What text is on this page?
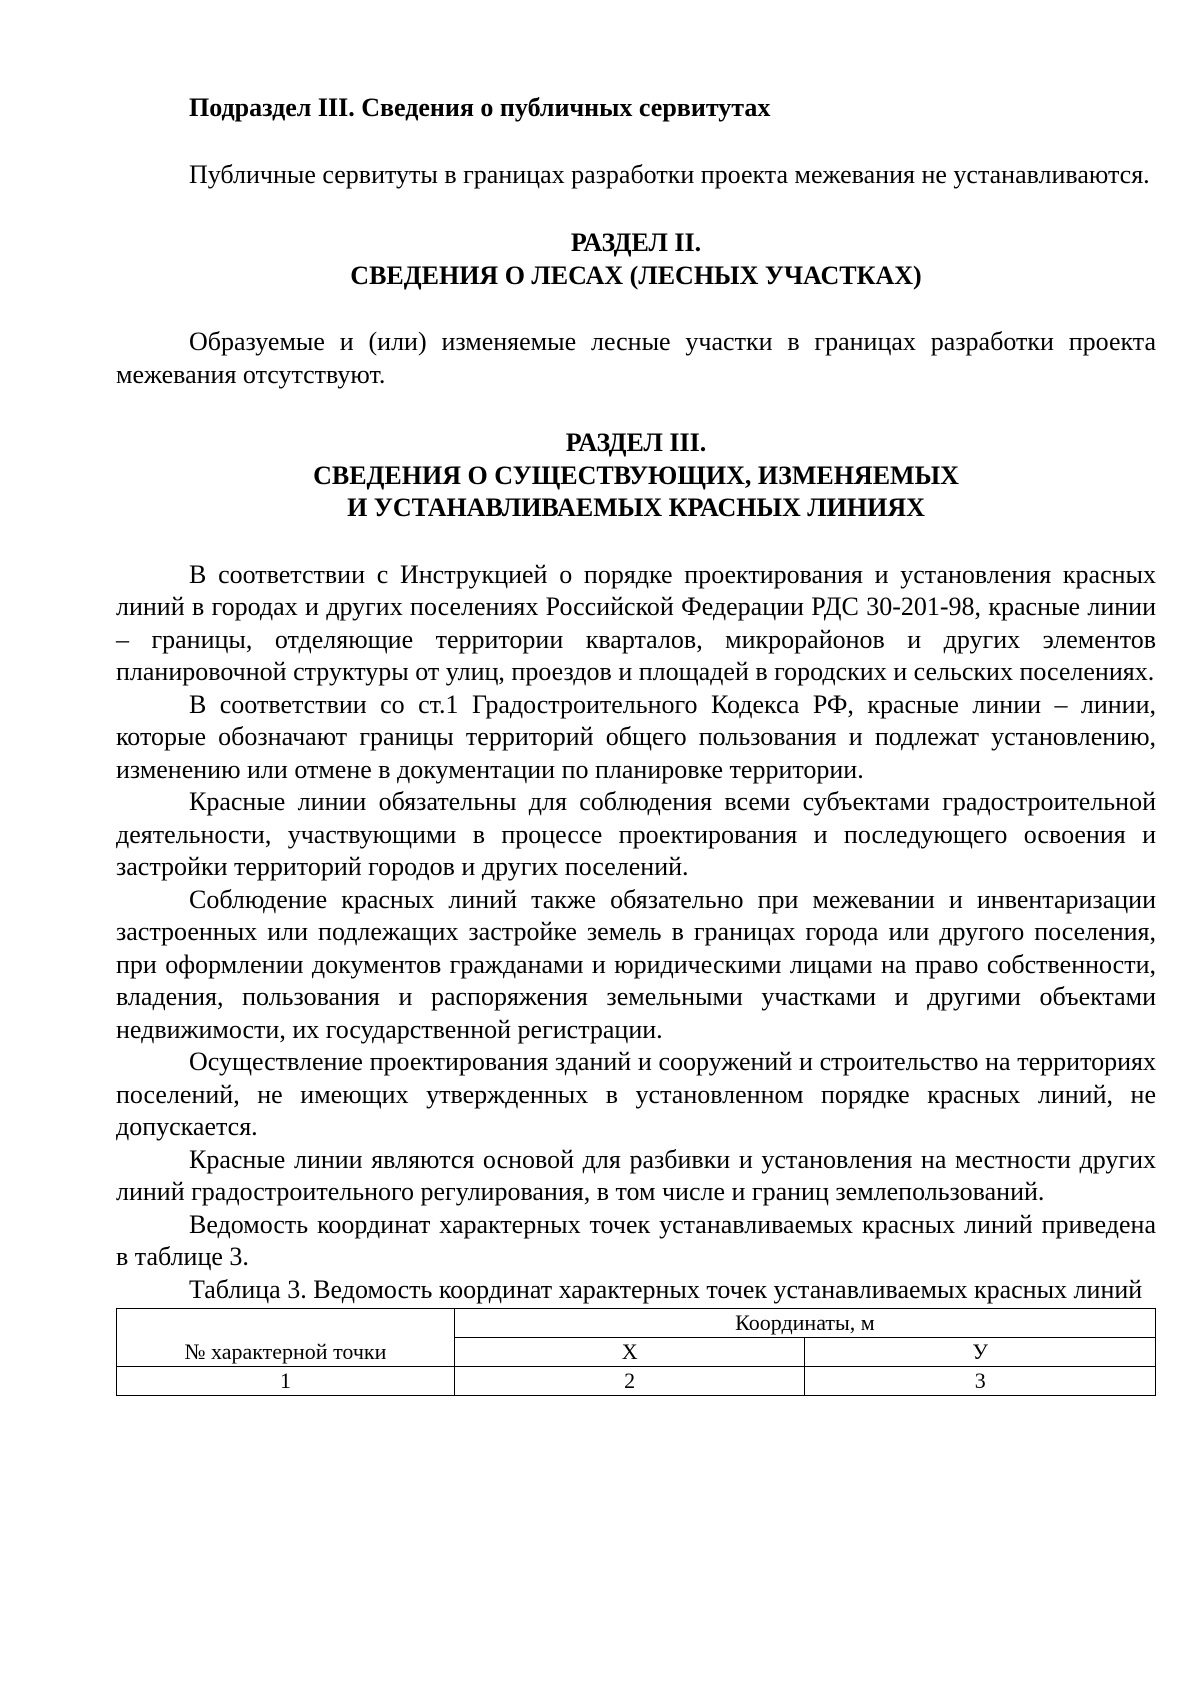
Подраздел III. Сведения о публичных сервитутах

Публичные сервитуты в границах разработки проекта межевания не устанавливаются.

РАЗДЕЛ II.
СВЕДЕНИЯ О ЛЕСАХ (ЛЕСНЫХ УЧАСТКАХ)

Образуемые и (или) изменяемые лесные участки в границах разработки проекта межевания отсутствуют.

РАЗДЕЛ III.
СВЕДЕНИЯ О СУЩЕСТВУЮЩИХ, ИЗМЕНЯЕМЫХ
И УСТАНАВЛИВАЕМЫХ КРАСНЫХ ЛИНИЯХ

В соответствии с Инструкцией о порядке проектирования и установления красных линий в городах и других поселениях Российской Федерации РДС 30-201-98, красные линии – границы, отделяющие территории кварталов, микрорайонов и других элементов планировочной структуры от улиц, проездов и площадей в городских и сельских поселениях.

В соответствии со ст.1 Градостроительного Кодекса РФ, красные линии – линии, которые обозначают границы территорий общего пользования и подлежат установлению, изменению или отмене в документации по планировке территории.

Красные линии обязательны для соблюдения всеми субъектами градостроительной деятельности, участвующими в процессе проектирования и последующего освоения и застройки территорий городов и других поселений.

Соблюдение красных линий также обязательно при межевании и инвентаризации застроенных или подлежащих застройке земель в границах города или другого поселения, при оформлении документов гражданами и юридическими лицами на право собственности, владения, пользования и распоряжения земельными участками и другими объектами недвижимости, их государственной регистрации.

Осуществление проектирования зданий и сооружений и строительство на территориях поселений, не имеющих утвержденных в установленном порядке красных линий, не допускается.

Красные линии являются основой для разбивки и установления на местности других линий градостроительного регулирования, в том числе и границ землепользований.

Ведомость координат характерных точек устанавливаемых красных линий приведена в таблице 3.

Таблица 3. Ведомость координат характерных точек устанавливаемых красных линий

№ характерной точки	Координаты, м	
	Х	У
1	2	3
